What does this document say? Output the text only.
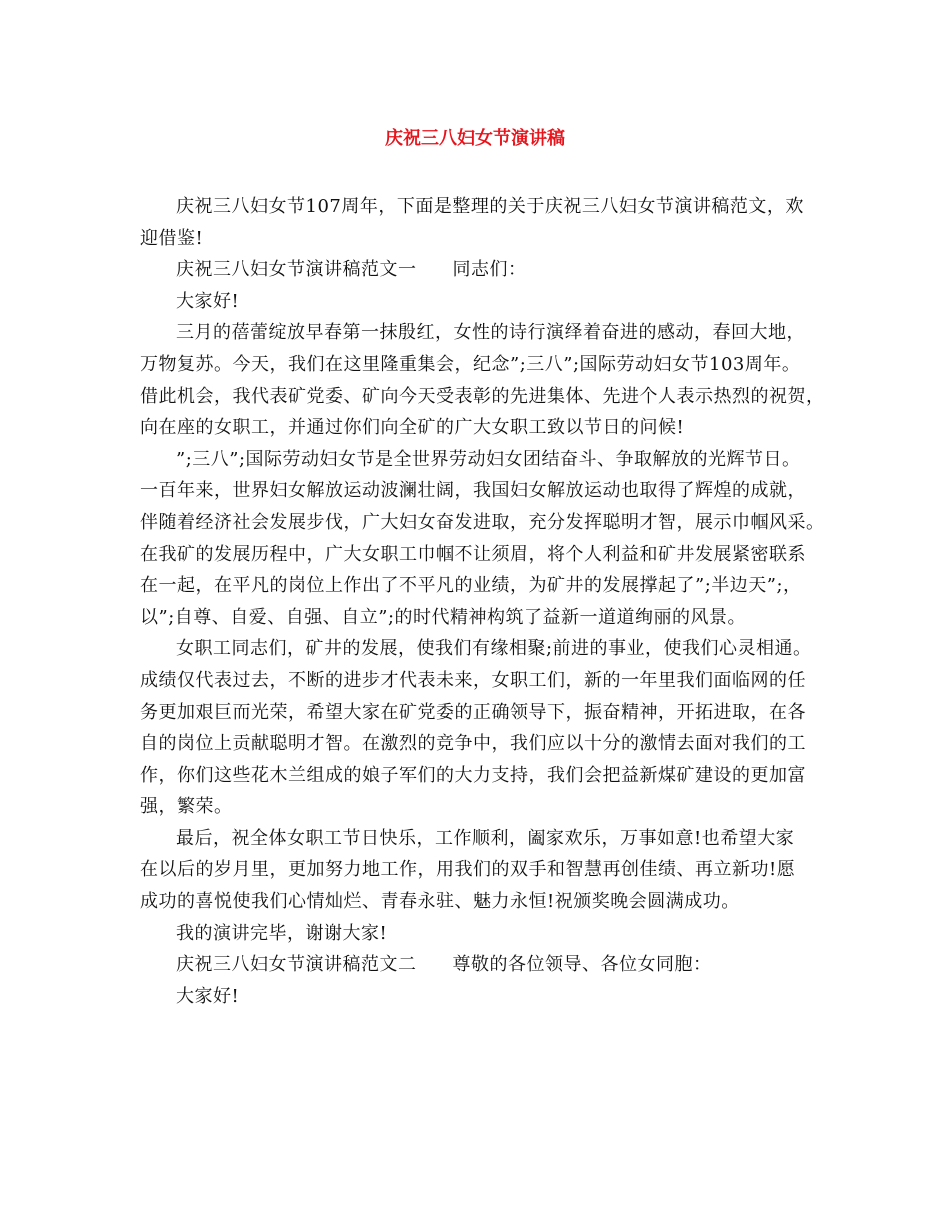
庆祝三八妇女节演讲稿
庆祝三八妇女节107周年，下面是整理的关于庆祝三八妇女节演讲稿范文，欢
迎借鉴!
庆祝三八妇女节演讲稿范文一 同志们：
大家好!
三月的蓓蕾绽放早春第一抹殷红，女性的诗行演绎着奋进的感动，春回大地，
万物复苏。今天，我们在这里隆重集会，纪念”;三八”;国际劳动妇女节103周年。
借此机会，我代表矿党委、矿向今天受表彰的先进集体、先进个人表示热烈的祝贺，
向在座的女职工，并通过你们向全矿的广大女职工致以节日的问候!
”;三八”;国际劳动妇女节是全世界劳动妇女团结奋斗、争取解放的光辉节日。
一百年来，世界妇女解放运动波澜壮阔，我国妇女解放运动也取得了辉煌的成就，
伴随着经济社会发展步伐，广大妇女奋发进取，充分发挥聪明才智，展示巾帼风采。
在我矿的发展历程中，广大女职工巾帼不让须眉，将个人利益和矿井发展紧密联系
在一起，在平凡的岗位上作出了不平凡的业绩，为矿井的发展撑起了”;半边天”;，
以”;自尊、自爱、自强、自立”;的时代精神构筑了益新一道道绚丽的风景。
女职工同志们，矿井的发展，使我们有缘相聚;前进的事业，使我们心灵相通。
成绩仅代表过去，不断的进步才代表未来，女职工们，新的一年里我们面临网的任
务更加艰巨而光荣，希望大家在矿党委的正确领导下，振奋精神，开拓进取，在各
自的岗位上贡献聪明才智。在激烈的竞争中，我们应以十分的激情去面对我们的工
作，你们这些花木兰组成的娘子军们的大力支持，我们会把益新煤矿建设的更加富
强，繁荣。
最后，祝全体女职工节日快乐，工作顺利，阖家欢乐，万事如意!也希望大家
在以后的岁月里，更加努力地工作，用我们的双手和智慧再创佳绩、再立新功!愿
成功的喜悦使我们心情灿烂、青春永驻、魅力永恒!祝颁奖晚会圆满成功。
我的演讲完毕，谢谢大家!
庆祝三八妇女节演讲稿范文二 尊敬的各位领导、各位女同胞：
大家好!
